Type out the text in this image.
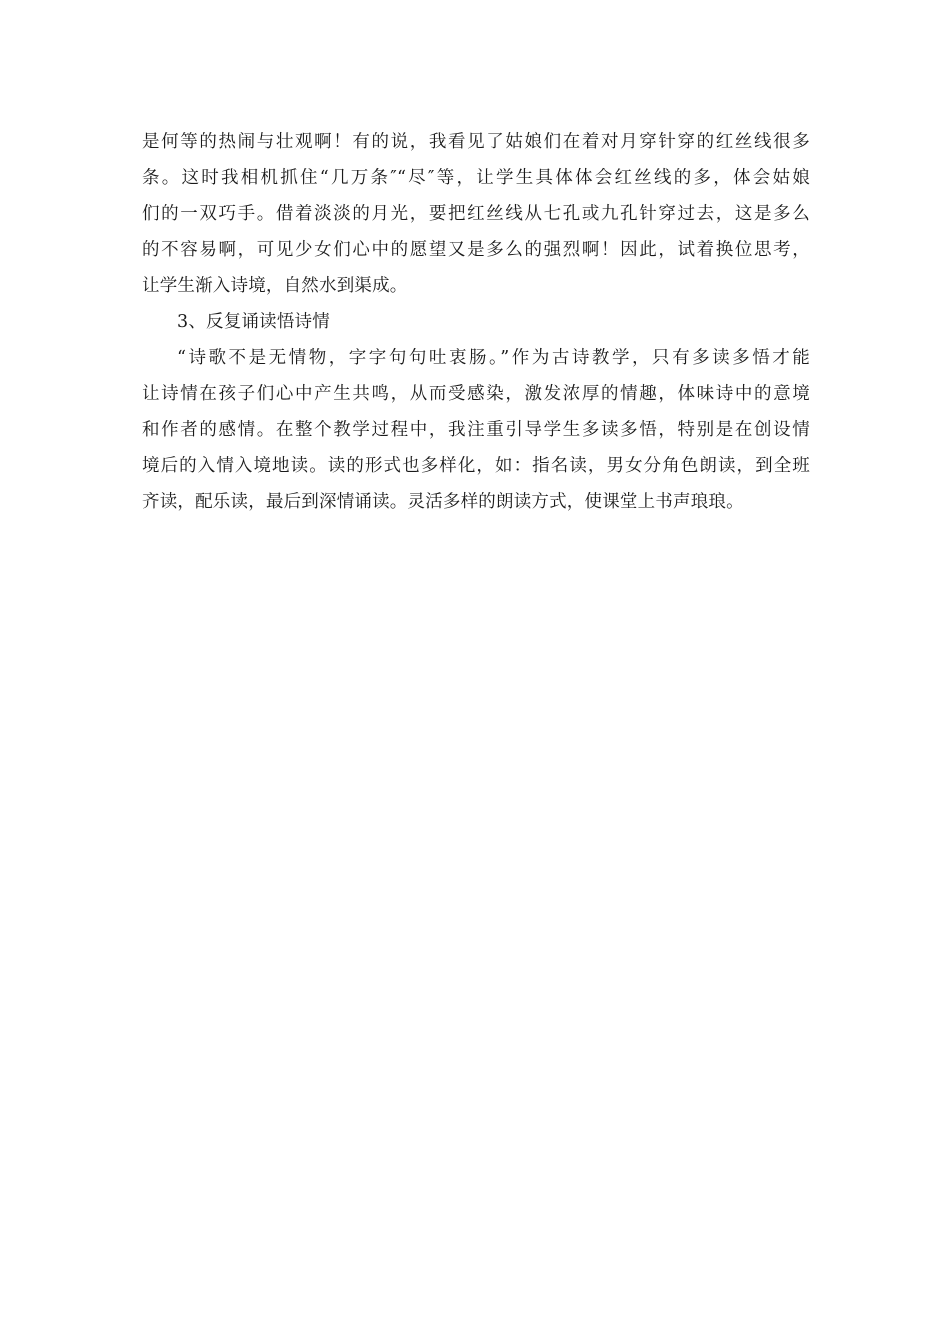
是何等的热闹与壮观啊！有的说，我看见了姑娘们在着对月穿针穿的红丝线很多
条。这时我相机抓住“几万条″“尽″等，让学生具体体会红丝线的多，体会姑娘
们的一双巧手。借着淡淡的月光，要把红丝线从七孔或九孔针穿过去，这是多么
的不容易啊，可见少女们心中的愿望又是多么的强烈啊！因此，试着换位思考，
让学生渐入诗境，自然水到渠成。

3、反复诵读悟诗情

“诗歌不是无情物，字字句句吐衷肠。”作为古诗教学，只有多读多悟才能
让诗情在孩子们心中产生共鸣，从而受感染，激发浓厚的情趣，体味诗中的意境
和作者的感情。在整个教学过程中，我注重引导学生多读多悟，特别是在创设情
境后的入情入境地读。读的形式也多样化，如：指名读，男女分角色朗读，到全班
齐读，配乐读，最后到深情诵读。灵活多样的朗读方式，使课堂上书声琅琅。
